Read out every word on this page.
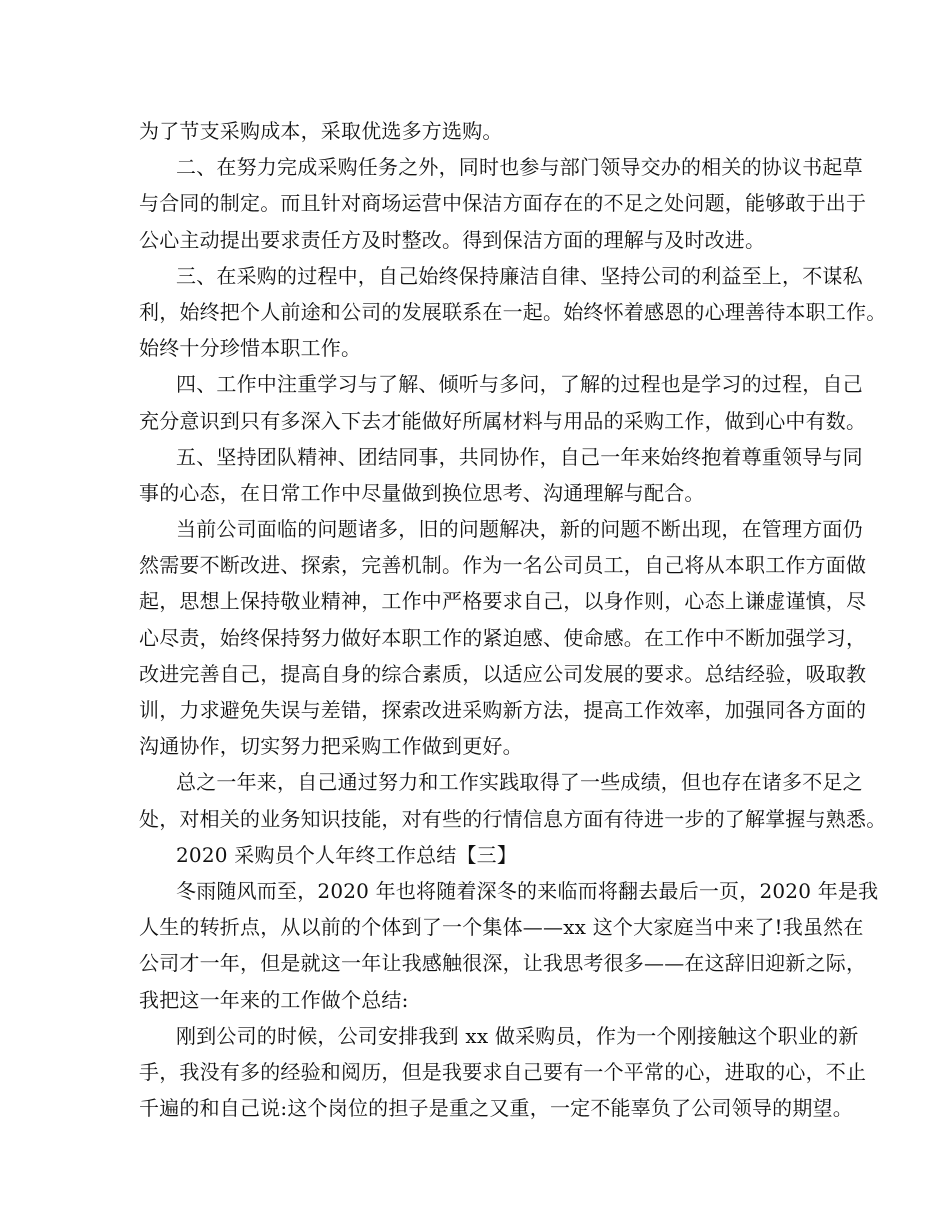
为了节支采购成本，采取优选多方选购。
二、在努力完成采购任务之外，同时也参与部门领导交办的相关的协议书起草
与合同的制定。而且针对商场运营中保洁方面存在的不足之处问题，能够敢于出于
公心主动提出要求责任方及时整改。得到保洁方面的理解与及时改进。
三、在采购的过程中，自己始终保持廉洁自律、坚持公司的利益至上，不谋私
利，始终把个人前途和公司的发展联系在一起。始终怀着感恩的心理善待本职工作。
始终十分珍惜本职工作。
四、工作中注重学习与了解、倾听与多问，了解的过程也是学习的过程，自己
充分意识到只有多深入下去才能做好所属材料与用品的采购工作，做到心中有数。
五、坚持团队精神、团结同事，共同协作，自己一年来始终抱着尊重领导与同
事的心态，在日常工作中尽量做到换位思考、沟通理解与配合。
当前公司面临的问题诸多，旧的问题解决，新的问题不断出现，在管理方面仍
然需要不断改进、探索，完善机制。作为一名公司员工，自己将从本职工作方面做
起，思想上保持敬业精神，工作中严格要求自己，以身作则，心态上谦虚谨慎，尽
心尽责，始终保持努力做好本职工作的紧迫感、使命感。在工作中不断加强学习，
改进完善自己，提高自身的综合素质，以适应公司发展的要求。总结经验，吸取教
训，力求避免失误与差错，探索改进采购新方法，提高工作效率，加强同各方面的
沟通协作，切实努力把采购工作做到更好。
总之一年来，自己通过努力和工作实践取得了一些成绩，但也存在诸多不足之
处，对相关的业务知识技能，对有些的行情信息方面有待进一步的了解掌握与熟悉。
2020 采购员个人年终工作总结【三】
冬雨随风而至，2020 年也将随着深冬的来临而将翻去最后一页，2020 年是我
人生的转折点，从以前的个体到了一个集体——xx 这个大家庭当中来了!我虽然在
公司才一年，但是就这一年让我感触很深，让我思考很多——在这辞旧迎新之际，
我把这一年来的工作做个总结:
刚到公司的时候，公司安排我到 xx 做采购员，作为一个刚接触这个职业的新
手，我没有多的经验和阅历，但是我要求自己要有一个平常的心，进取的心，不止
千遍的和自己说:这个岗位的担子是重之又重，一定不能辜负了公司领导的期望。
